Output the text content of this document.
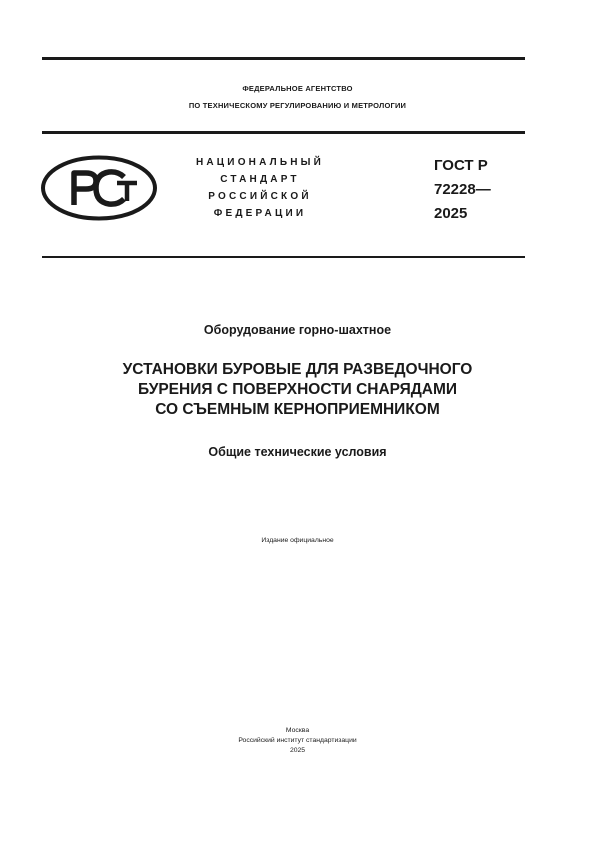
ФЕДЕРАЛЬНОЕ АГЕНТСТВО
ПО ТЕХНИЧЕСКОМУ РЕГУЛИРОВАНИЮ И МЕТРОЛОГИИ
НАЦИОНАЛЬНЫЙ
СТАНДАРТ
РОССИЙСКОЙ
ФЕДЕРАЦИИ
ГОСТ Р
72228—
2025
Оборудование горно-шахтное
УСТАНОВКИ БУРОВЫЕ ДЛЯ РАЗВЕДОЧНОГО
БУРЕНИЯ С ПОВЕРХНОСТИ СНАРЯДАМИ
СО СЪЕМНЫМ КЕРНОПРИЕМНИКОМ
Общие технические условия
Издание официальное
Москва
Российский институт стандартизации
2025
